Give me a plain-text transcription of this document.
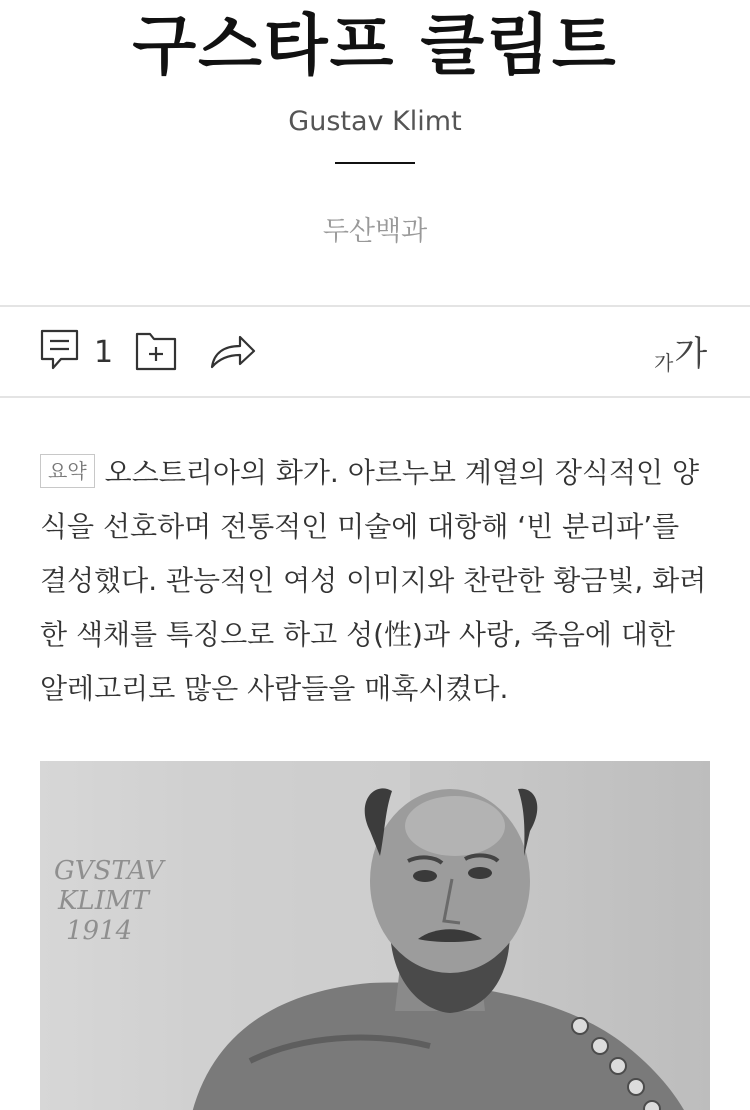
구스타프 클림트
Gustav Klimt
두산백과
1	가 가
요약 오스트리아의 화가. 아르누보 계열의 장식적인 양식을 선호하며 전통적인 미술에 대항해 ‘빈 분리파’를 결성했다. 관능적인 여성 이미지와 찬란한 황금빛, 화려한 색채를 특징으로 하고 성(性)과 사랑, 죽음에 대한 알레고리로 많은 사람들을 매혹시켰다.
GVSTAV
KLIMT
1914
